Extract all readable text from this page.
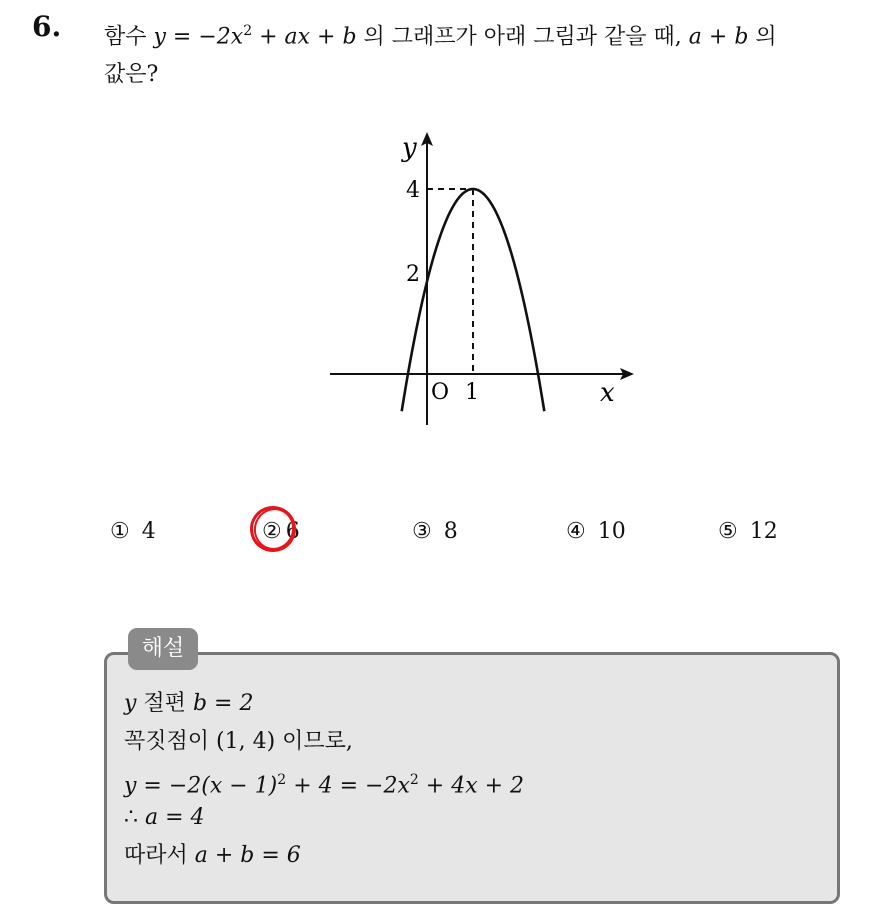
6. 함수 $y = -2x^2$ + ax + b 의 그래프가 아래 그림과 같을 때, a + b 의
값은?
y
x
4
2
O 1
① 4	② 6	③ 8	④ 10	⑤ 12
해설
y 절편 b = 2
꼭짓점이 (1, 4) 이므로,
$y = -2(x - 1)^2 + 4 = -2x^2 + 4x + 2$
∴ a = 4
따라서 a + b = 6
